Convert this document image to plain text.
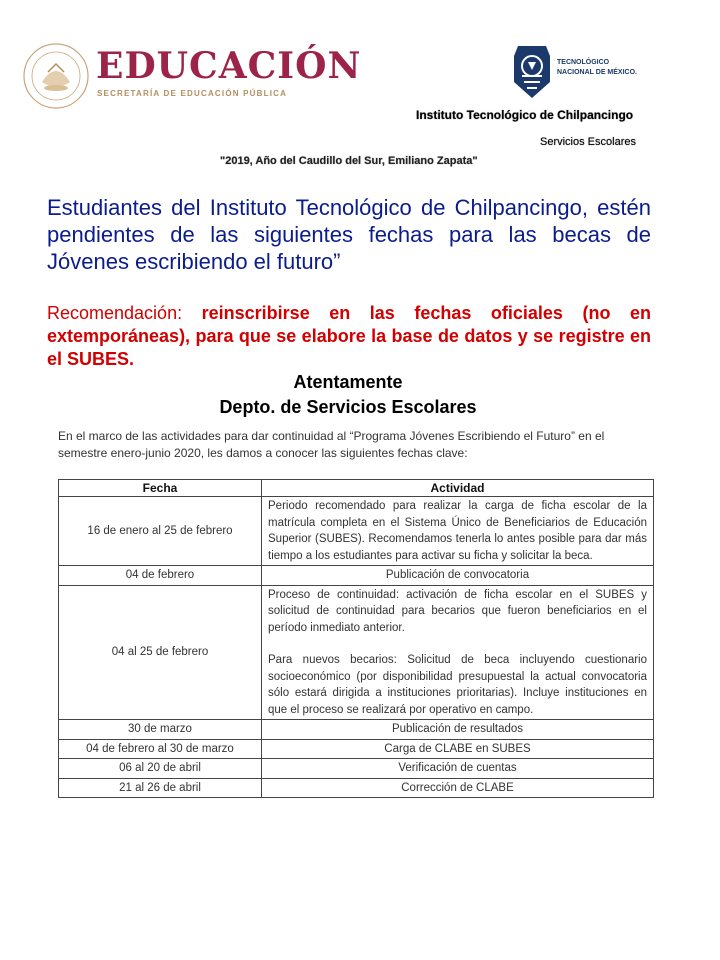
EDUCACIÓN
SECRETARÍA DE EDUCACIÓN PÚBLICA
TECNOLÓGICO
NACIONAL DE MÉXICO.
Instituto Tecnológico de Chilpancingo
Servicios Escolares
"2019, Año del Caudillo del Sur, Emiliano Zapata"
Estudiantes del Instituto Tecnológico de Chilpancingo, estén pendientes de las siguientes fechas para las becas de Jóvenes escribiendo el futuro”
Recomendación: reinscribirse en las fechas oficiales (no en extemporáneas), para que se elabore la base de datos y se registre en el SUBES.
Atentamente
Depto. de Servicios Escolares
En el marco de las actividades para dar continuidad al “Programa Jóvenes Escribiendo el Futuro” en el semestre enero-junio 2020, les damos a conocer las siguientes fechas clave:
Fecha	Actividad
16 de enero al 25 de febrero	Periodo recomendado para realizar la carga de ficha escolar de la matrícula completa en el Sistema Único de Beneficiarios de Educación Superior (SUBES). Recomendamos tenerla lo antes posible para dar más tiempo a los estudiantes para activar su ficha y solicitar la beca.
04 de febrero	Publicación de convocatoria
04 al 25 de febrero	Proceso de continuidad: activación de ficha escolar en el SUBES y solicitud de continuidad para becarios que fueron beneficiarios en el período inmediato anterior.
Para nuevos becarios: Solicitud de beca incluyendo cuestionario socioeconómico (por disponibilidad presupuestal la actual convocatoria sólo estará dirigida a instituciones prioritarias). Incluye instituciones en que el proceso se realizará por operativo en campo.

30 de marzo	Publicación de resultados
04 de febrero al 30 de marzo	Carga de CLABE en SUBES
06 al 20 de abril	Verificación de cuentas
21 al 26 de abril	Corrección de CLABE
